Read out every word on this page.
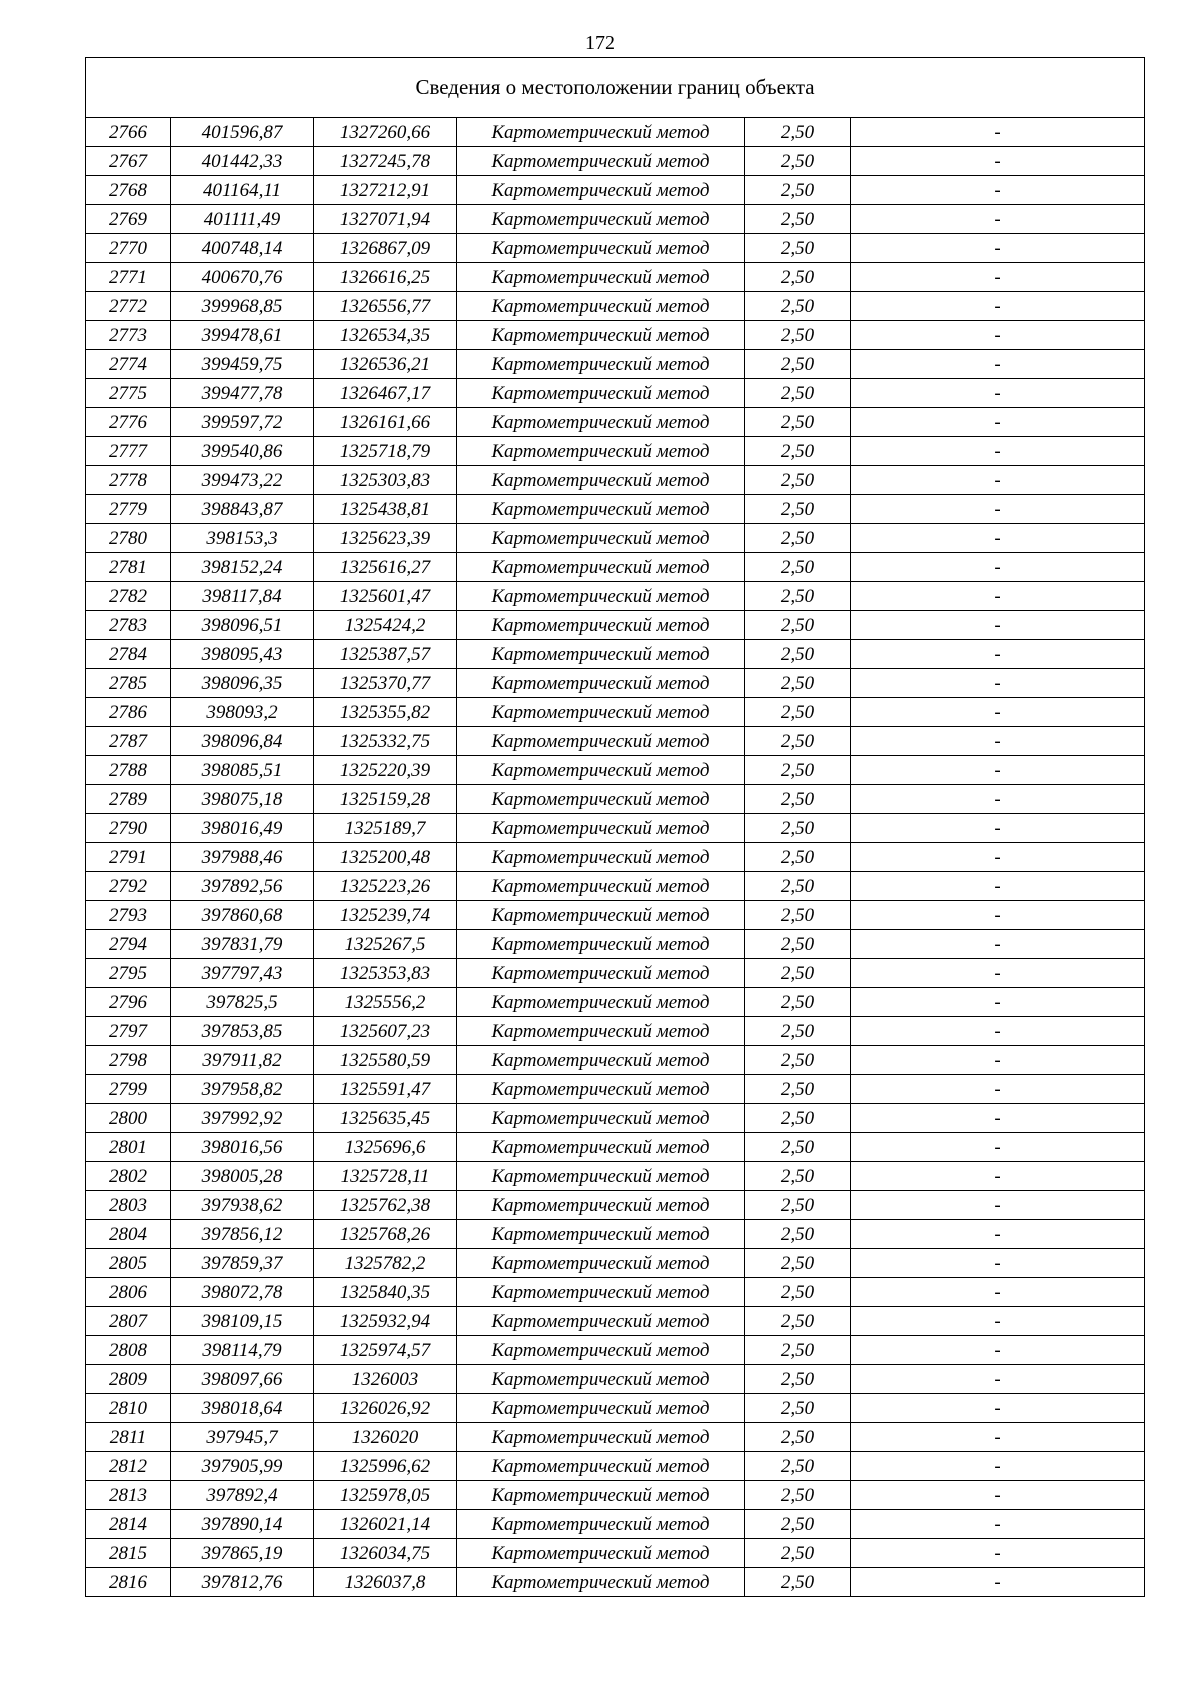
172
Сведения о местоположении границ объекта					
2766	401596,87	1327260,66	Картометрический метод	2,50	-
2767	401442,33	1327245,78	Картометрический метод	2,50	-
2768	401164,11	1327212,91	Картометрический метод	2,50	-
2769	401111,49	1327071,94	Картометрический метод	2,50	-
2770	400748,14	1326867,09	Картометрический метод	2,50	-
2771	400670,76	1326616,25	Картометрический метод	2,50	-
2772	399968,85	1326556,77	Картометрический метод	2,50	-
2773	399478,61	1326534,35	Картометрический метод	2,50	-
2774	399459,75	1326536,21	Картометрический метод	2,50	-
2775	399477,78	1326467,17	Картометрический метод	2,50	-
2776	399597,72	1326161,66	Картометрический метод	2,50	-
2777	399540,86	1325718,79	Картометрический метод	2,50	-
2778	399473,22	1325303,83	Картометрический метод	2,50	-
2779	398843,87	1325438,81	Картометрический метод	2,50	-
2780	398153,3	1325623,39	Картометрический метод	2,50	-
2781	398152,24	1325616,27	Картометрический метод	2,50	-
2782	398117,84	1325601,47	Картометрический метод	2,50	-
2783	398096,51	1325424,2	Картометрический метод	2,50	-
2784	398095,43	1325387,57	Картометрический метод	2,50	-
2785	398096,35	1325370,77	Картометрический метод	2,50	-
2786	398093,2	1325355,82	Картометрический метод	2,50	-
2787	398096,84	1325332,75	Картометрический метод	2,50	-
2788	398085,51	1325220,39	Картометрический метод	2,50	-
2789	398075,18	1325159,28	Картометрический метод	2,50	-
2790	398016,49	1325189,7	Картометрический метод	2,50	-
2791	397988,46	1325200,48	Картометрический метод	2,50	-
2792	397892,56	1325223,26	Картометрический метод	2,50	-
2793	397860,68	1325239,74	Картометрический метод	2,50	-
2794	397831,79	1325267,5	Картометрический метод	2,50	-
2795	397797,43	1325353,83	Картометрический метод	2,50	-
2796	397825,5	1325556,2	Картометрический метод	2,50	-
2797	397853,85	1325607,23	Картометрический метод	2,50	-
2798	397911,82	1325580,59	Картометрический метод	2,50	-
2799	397958,82	1325591,47	Картометрический метод	2,50	-
2800	397992,92	1325635,45	Картометрический метод	2,50	-
2801	398016,56	1325696,6	Картометрический метод	2,50	-
2802	398005,28	1325728,11	Картометрический метод	2,50	-
2803	397938,62	1325762,38	Картометрический метод	2,50	-
2804	397856,12	1325768,26	Картометрический метод	2,50	-
2805	397859,37	1325782,2	Картометрический метод	2,50	-
2806	398072,78	1325840,35	Картометрический метод	2,50	-
2807	398109,15	1325932,94	Картометрический метод	2,50	-
2808	398114,79	1325974,57	Картометрический метод	2,50	-
2809	398097,66	1326003	Картометрический метод	2,50	-
2810	398018,64	1326026,92	Картометрический метод	2,50	-
2811	397945,7	1326020	Картометрический метод	2,50	-
2812	397905,99	1325996,62	Картометрический метод	2,50	-
2813	397892,4	1325978,05	Картометрический метод	2,50	-
2814	397890,14	1326021,14	Картометрический метод	2,50	-
2815	397865,19	1326034,75	Картометрический метод	2,50	-
2816	397812,76	1326037,8	Картометрический метод	2,50	-
